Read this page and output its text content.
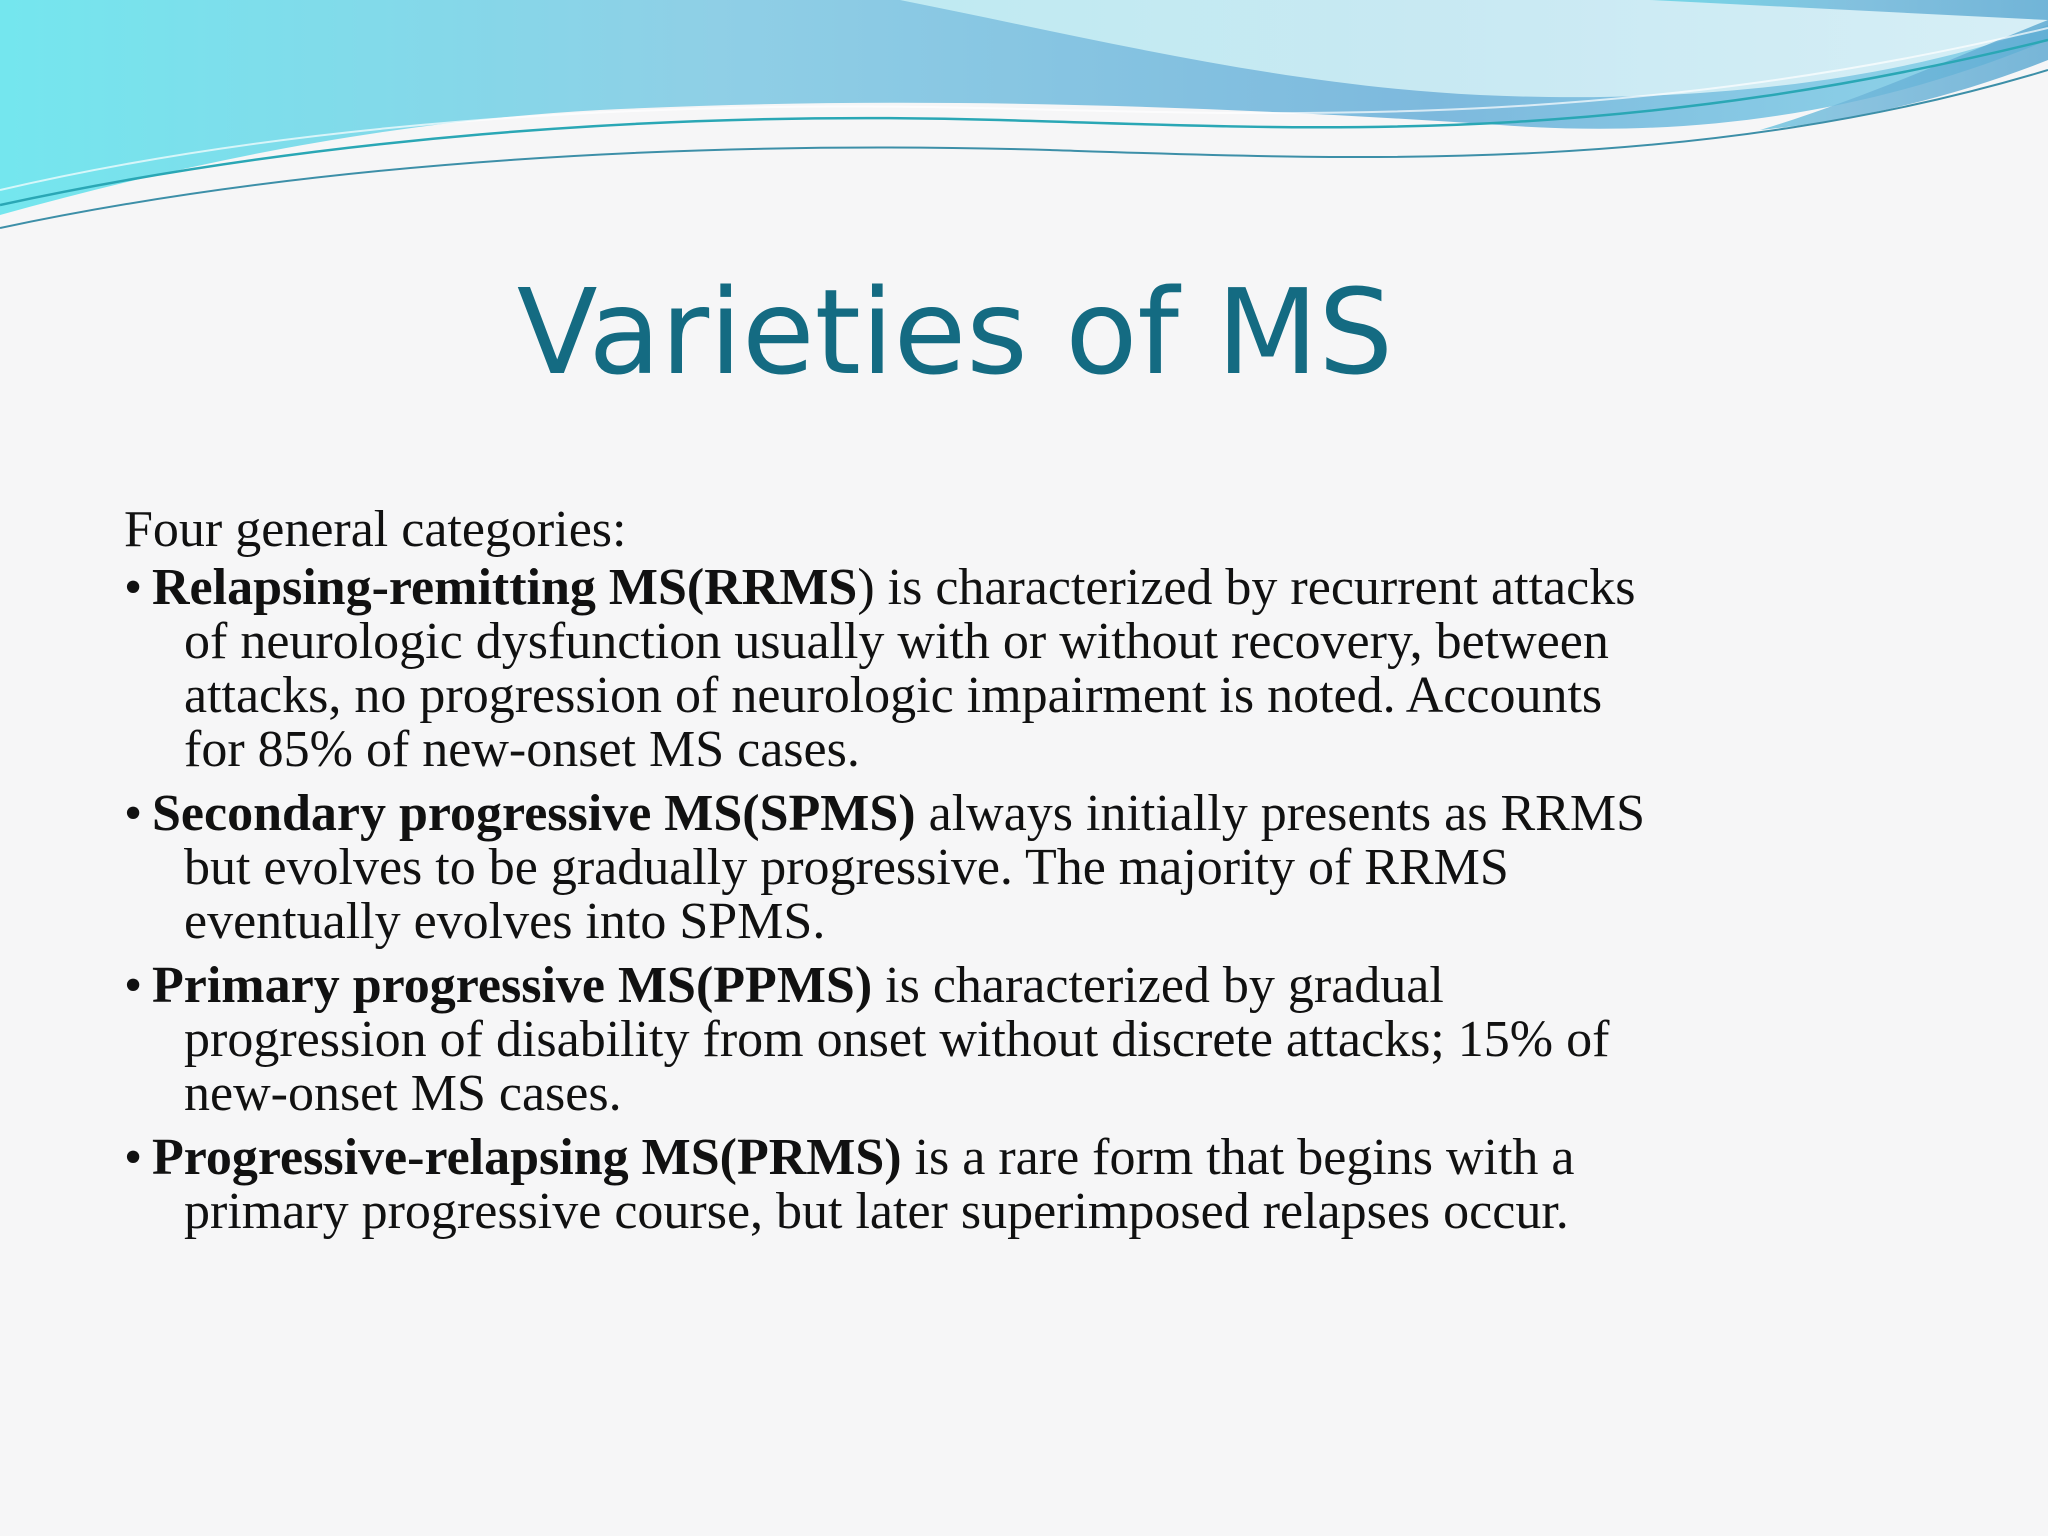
Varieties of MS
Four general categories:
• Relapsing-remitting MS(RRMS) is characterized by recurrent attacks
of neurologic dysfunction usually with or without recovery, between
attacks, no progression of neurologic impairment is noted. Accounts
for 85% of new-onset MS cases.
• Secondary progressive MS(SPMS) always initially presents as RRMS
but evolves to be gradually progressive. The majority of RRMS
eventually evolves into SPMS.
• Primary progressive MS(PPMS) is characterized by gradual
progression of disability from onset without discrete attacks; 15% of
new-onset MS cases.
• Progressive-relapsing MS(PRMS) is a rare form that begins with a
primary progressive course, but later superimposed relapses occur.
